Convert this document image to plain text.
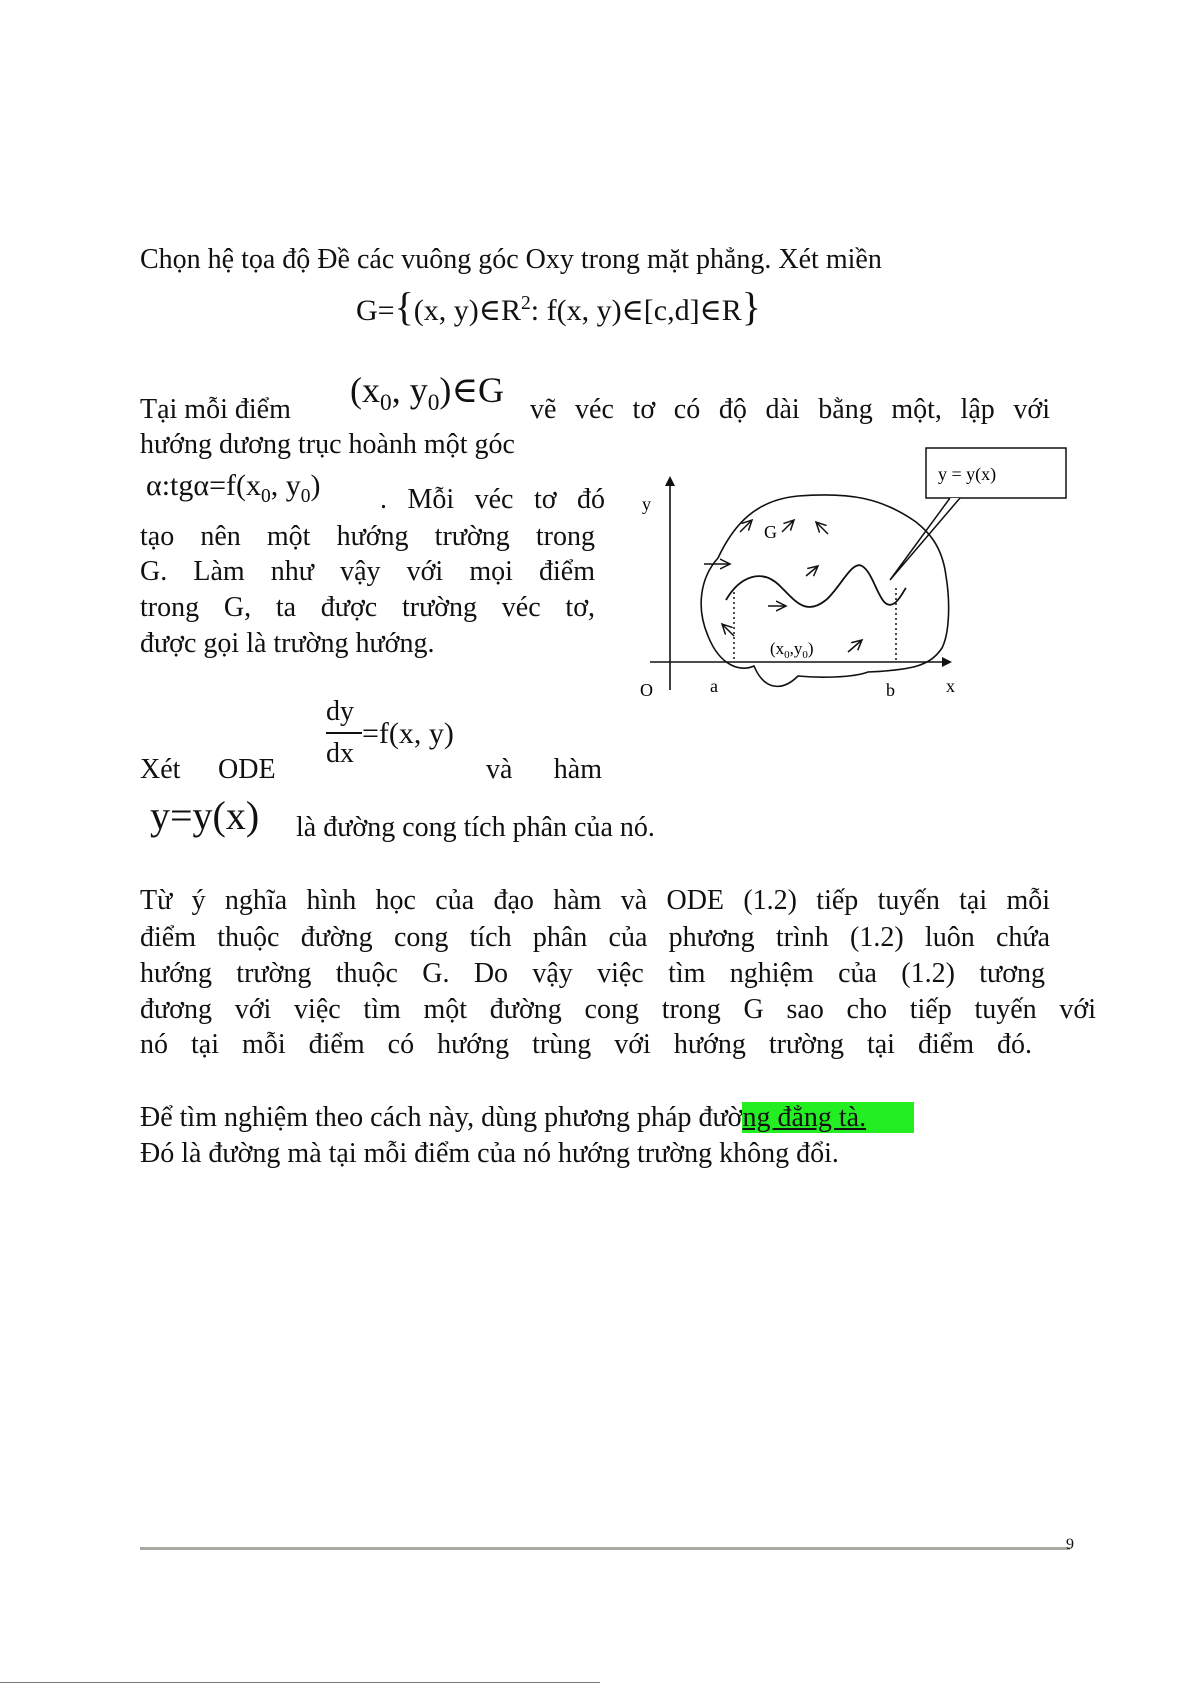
Chọn hệ tọa độ Đề các vuông góc Oxy trong mặt phẳng. Xét miền
G={(x, $y)\in R^2$: f(x, y)∈[c,d]∈R}
Tại mỗi điểm ($x_0$, $y_0)\in G$ vẽ véc tơ có độ dài bằng một, lập với
hướng dương trục hoành một góc
$\alpha:tg\alpha=f(x_0$, $y_0$) . Mỗi véc tơ đó
tạo nên một hướng trường trong
G. Làm như vậy với mọi điểm
trong G, ta được trường véc tơ,
được gọi là trường hướng.
dy
dx
=f(x, y)
Xét ODE	và hàm
y=y(x) là đường cong tích phân của nó.
y = y(x)
y
x
O
G
a	b
$(x_0,y_0)$
Từ ý nghĩa hình học của đạo hàm và ODE (1.2) tiếp tuyến tại mỗi
điểm thuộc đường cong tích phân của phương trình (1.2) luôn chứa
hướng trường thuộc G. Do vậy việc tìm nghiệm của (1.2) tương
đương với việc tìm một đường cong trong G sao cho tiếp tuyến với
nó tại mỗi điểm có hướng trùng với hướng trường tại điểm đó.
Để tìm nghiệm theo cách này, dùng phương pháp đường đẳng tà.
Đó là đường mà tại mỗi điểm của nó hướng trường không đổi.
9
